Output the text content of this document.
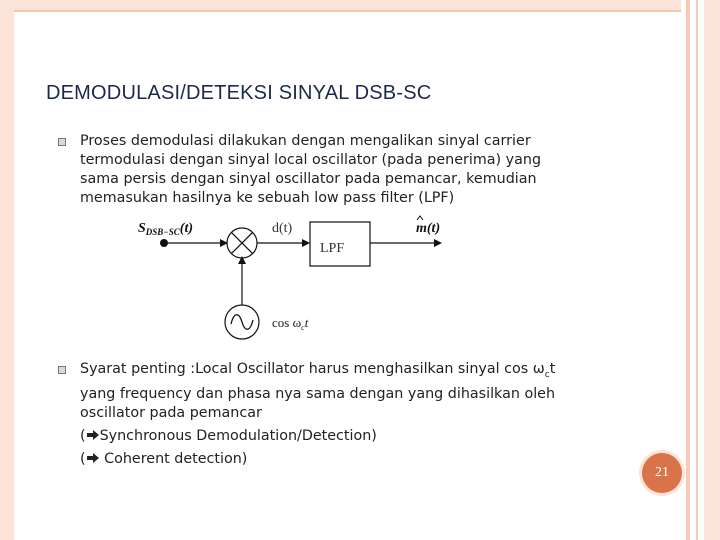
DEMODULASI/DETEKSI SINYAL DSB-SC
Proses demodulasi dilakukan dengan mengalikan sinyal carrier
termodulasi dengan sinyal local oscillator (pada penerima) yang
sama persis dengan sinyal oscillator pada pemancar, kemudian
memasukan hasilnya ke sebuah low pass filter (LPF)
Syarat penting :Local Oscillator harus menghasilkan sinyal $\cos \omega_ct$
yang frequency dan phasa nya sama dengan yang dihasilkan oleh
oscillator pada pemancar
( Synchronous Demodulation/Detection)
( Coherent detection)
$S_{DSB-SC}(t)$	d(t)
LPF
m(t)
$\cos \omega_ct$
21
